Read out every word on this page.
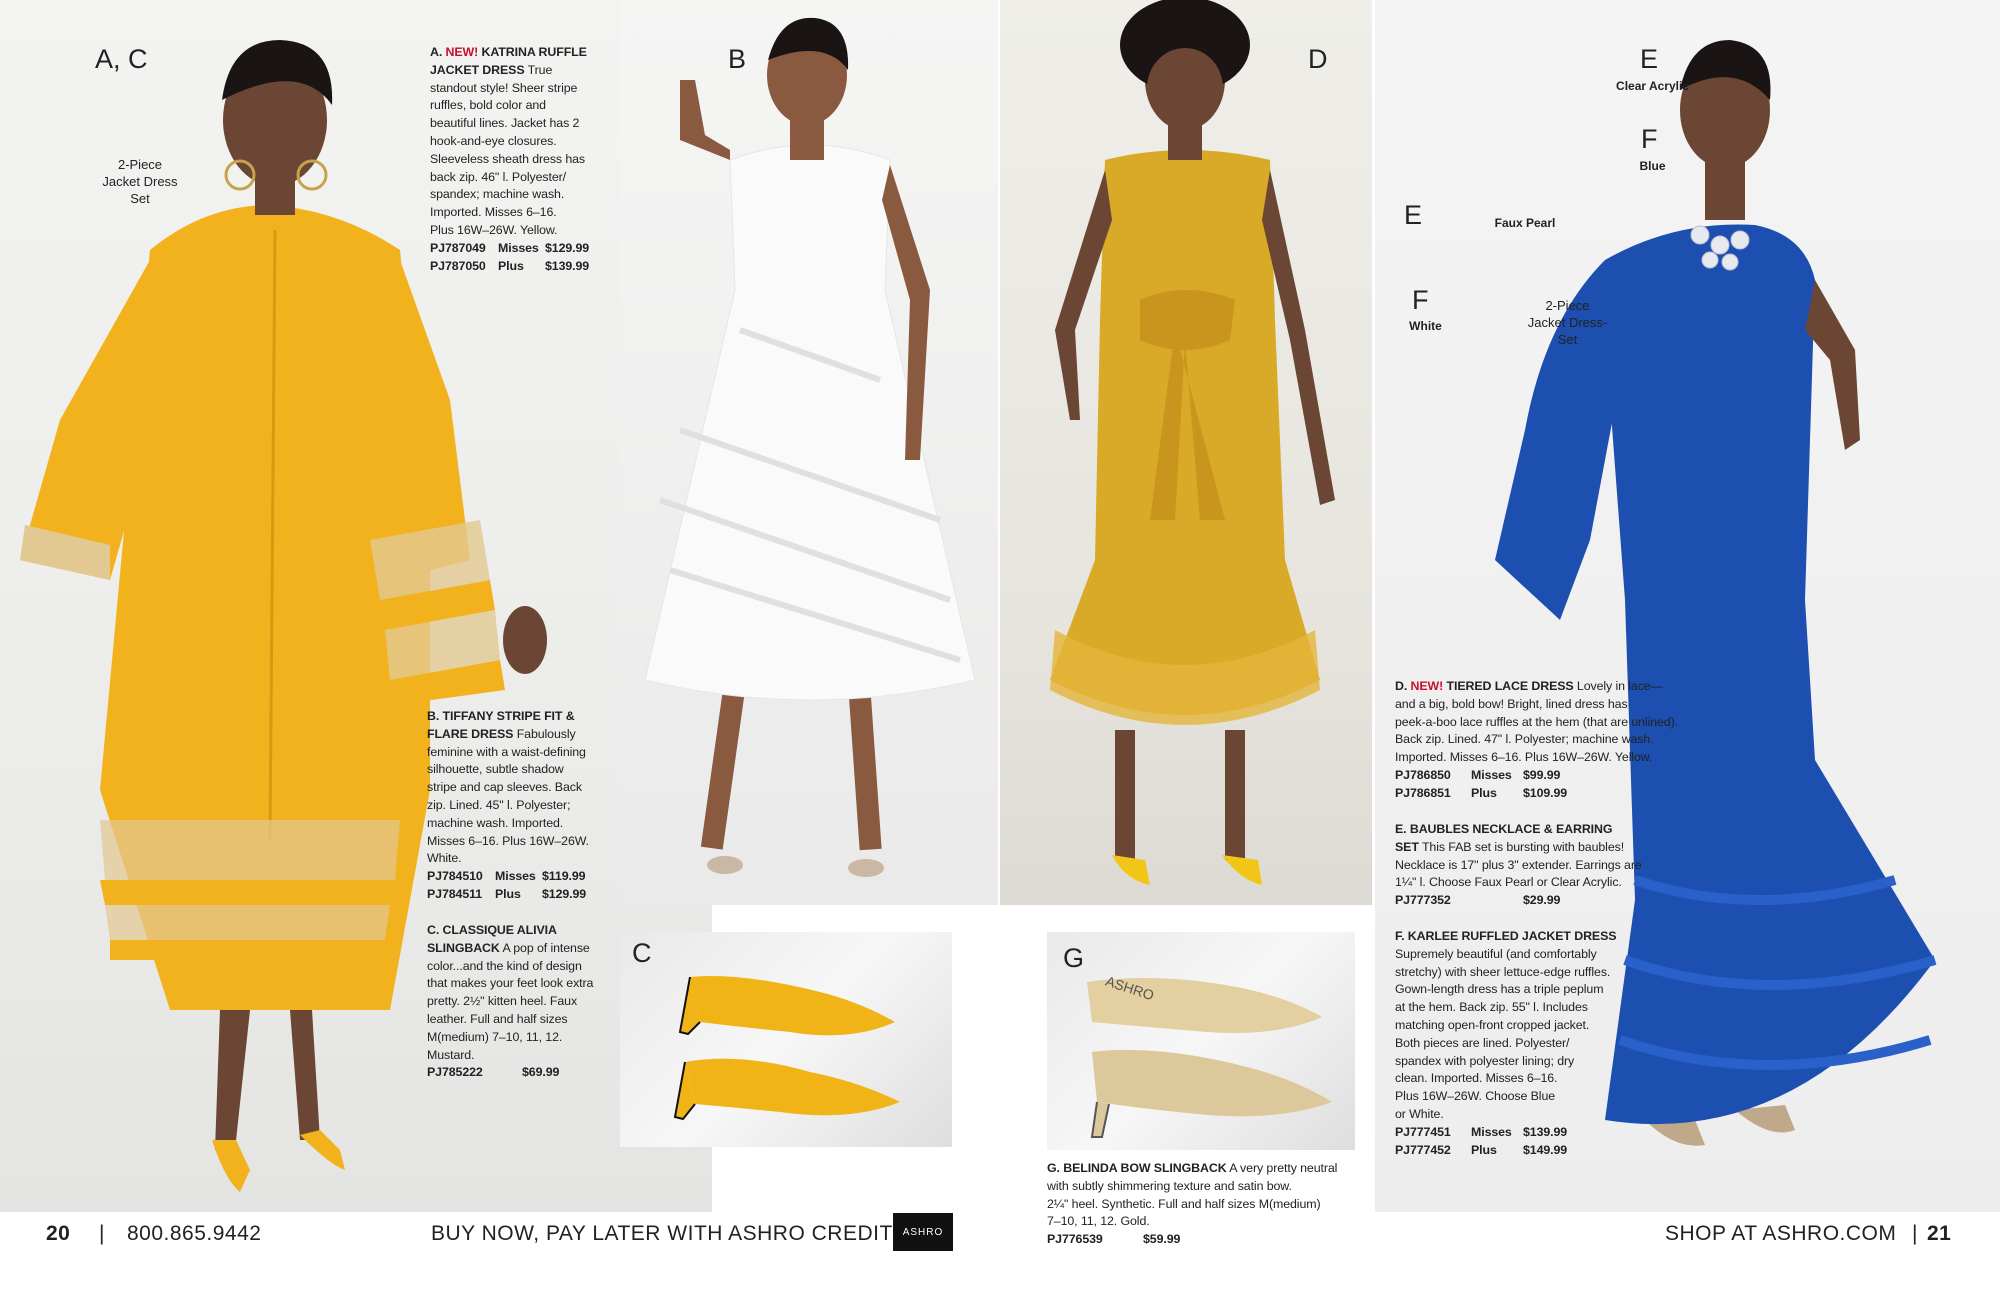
A, C	B
C
D
E
E
F
F
G
ASHRO
2-Piece
Jacket Dress
Set
Faux Pearl
Clear Acrylic
Blue
White
2-Piece
Jacket Dress-
Set
A. NEW! KATRINA RUFFLE
JACKET DRESS True
standout style! Sheer stripe
ruffles, bold color and
beautiful lines. Jacket has 2
hook-and-eye closures.
Sleeveless sheath dress has
back zip. 46" l. Polyester/
spandex; machine wash.
Imported. Misses 6–16.
Plus 16W–26W. Yellow.
PJ787049 Misses $129.99
PJ787050 Plus	$139.99
B. TIFFANY STRIPE FIT &
FLARE DRESS Fabulously
feminine with a waist-defining
silhouette, subtle shadow
stripe and cap sleeves. Back
zip. Lined. 45" l. Polyester;
machine wash. Imported.
Misses 6–16. Plus 16W–26W.
White.
PJ784510 Misses $119.99
PJ784511	Plus	$129.99
C. CLASSIQUE ALIVIA
SLINGBACK A pop of intense
color...and the kind of design
that makes your feet look extra
pretty. 2½" kitten heel. Faux
leather. Full and half sizes
M(medium) 7–10, 11, 12.
Mustard.
PJ785222	$69.99
D. NEW! TIERED LACE DRESS Lovely in lace—
and a big, bold bow! Bright, lined dress has
peek-a-boo lace ruffles at the hem (that are unlined).
Back zip. Lined. 47" l. Polyester; machine wash.
Imported. Misses 6–16. Plus 16W–26W. Yellow.
PJ786850	Misses $99.99
PJ786851	Plus	$109.99
E. BAUBLES NECKLACE & EARRING
SET This FAB set is bursting with baubles!
Necklace is 17" plus 3" extender. Earrings are
1¼" l. Choose Faux Pearl or Clear Acrylic.
PJ777352	$29.99
F. KARLEE RUFFLED JACKET DRESS
Supremely beautiful (and comfortably
stretchy) with sheer lettuce-edge ruffles.
Gown-length dress has a triple peplum
at the hem. Back zip. 55" l. Includes
matching open-front cropped jacket.
Both pieces are lined. Polyester/
spandex with polyester lining; dry
clean. Imported. Misses 6–16.
Plus 16W–26W. Choose Blue
or White.
PJ777451	Misses $139.99
PJ777452	Plus	$149.99
G. BELINDA BOW SLINGBACK A very pretty neutral
with subtly shimmering texture and satin bow.
2¼" heel. Synthetic. Full and half sizes M(medium)
7–10, 11, 12. Gold.
PJ776539	$59.99
20 | 800.865.9442	BUY NOW, PAY LATER WITH ASHRO CREDIT ASHRO	SHOP AT ASHRO.COM | 21
